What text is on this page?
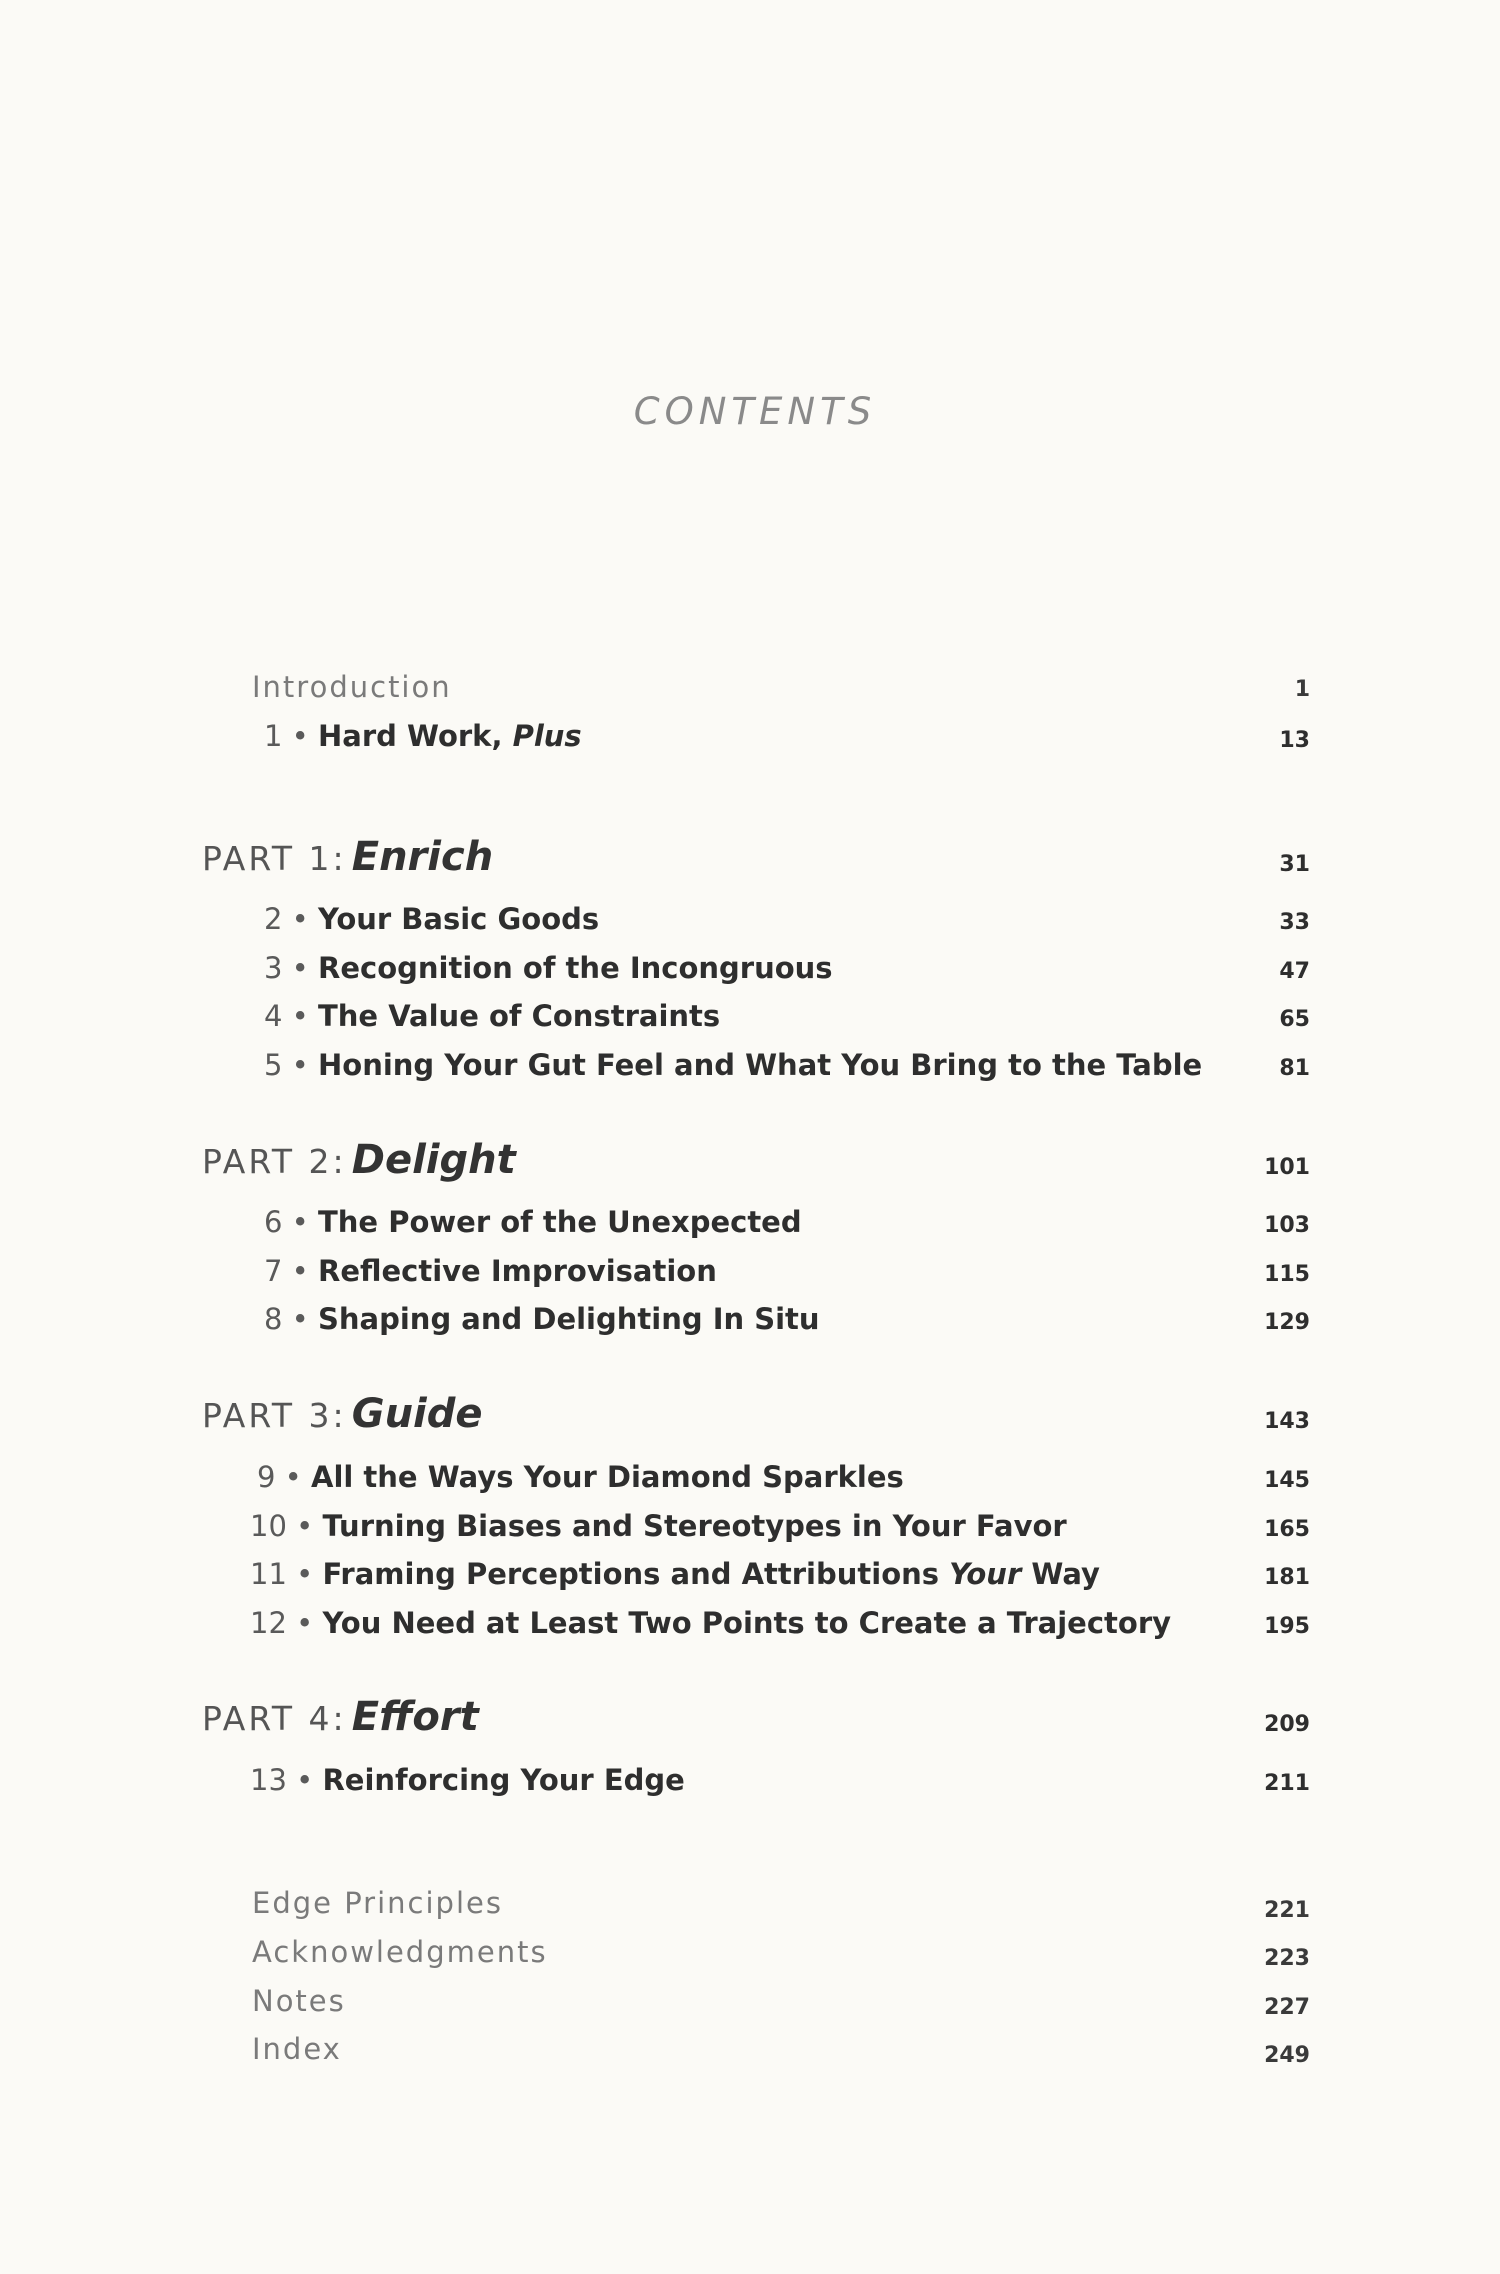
CONTENTS
Introduction	1
1 • Hard Work, Plus	13
PART 1: Enrich	31
2 • Your Basic Goods	33
3 • Recognition of the Incongruous	47
4 • The Value of Constraints	65
5 • Honing Your Gut Feel and What You Bring to the Table	81
PART 2: Delight	101
6 • The Power of the Unexpected	103
7 • Reflective Improvisation	115
8 • Shaping and Delighting In Situ	129
PART 3: Guide	143
9 • All the Ways Your Diamond Sparkles	145
10 • Turning Biases and Stereotypes in Your Favor	165
11 • Framing Perceptions and Attributions Your Way	181
12 • You Need at Least Two Points to Create a Trajectory	195
PART 4: Effort	209
13 • Reinforcing Your Edge	211
Edge Principles	221
Acknowledgments	223
Notes	227
Index	249
